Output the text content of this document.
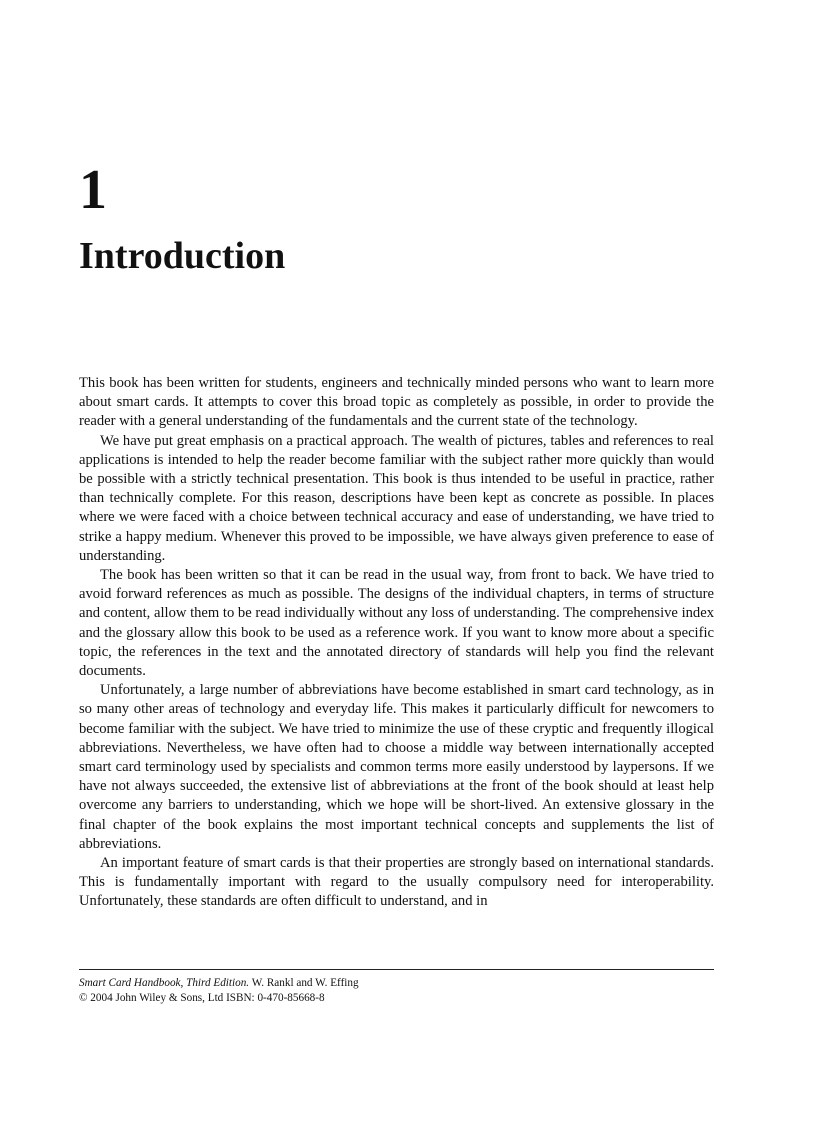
1
Introduction

This book has been written for students, engineers and technically minded persons who want to learn more about smart cards. It attempts to cover this broad topic as completely as possible, in order to provide the reader with a general understanding of the fundamentals and the current state of the technology.

We have put great emphasis on a practical approach. The wealth of pictures, tables and references to real applications is intended to help the reader become familiar with the subject rather more quickly than would be possible with a strictly technical presentation. This book is thus intended to be useful in practice, rather than technically complete. For this reason, descriptions have been kept as concrete as possible. In places where we were faced with a choice between technical accuracy and ease of understanding, we have tried to strike a happy medium. Whenever this proved to be impossible, we have always given preference to ease of understanding.

The book has been written so that it can be read in the usual way, from front to back. We have tried to avoid forward references as much as possible. The designs of the individual chapters, in terms of structure and content, allow them to be read individually without any loss of understanding. The comprehensive index and the glossary allow this book to be used as a reference work. If you want to know more about a specific topic, the references in the text and the annotated directory of standards will help you find the relevant documents.

Unfortunately, a large number of abbreviations have become established in smart card technology, as in so many other areas of technology and everyday life. This makes it particularly difficult for newcomers to become familiar with the subject. We have tried to minimize the use of these cryptic and frequently illogical abbreviations. Nevertheless, we have often had to choose a middle way between internationally accepted smart card terminology used by specialists and common terms more easily understood by laypersons. If we have not always succeeded, the extensive list of abbreviations at the front of the book should at least help overcome any barriers to understanding, which we hope will be short-lived. An extensive glossary in the final chapter of the book explains the most important technical concepts and supplements the list of abbreviations.

An important feature of smart cards is that their properties are strongly based on international standards. This is fundamentally important with regard to the usually compulsory need for interoperability. Unfortunately, these standards are often difficult to understand, and in

Smart Card Handbook, Third Edition. W. Rankl and W. Effing
© 2004 John Wiley & Sons, Ltd ISBN: 0-470-85668-8
